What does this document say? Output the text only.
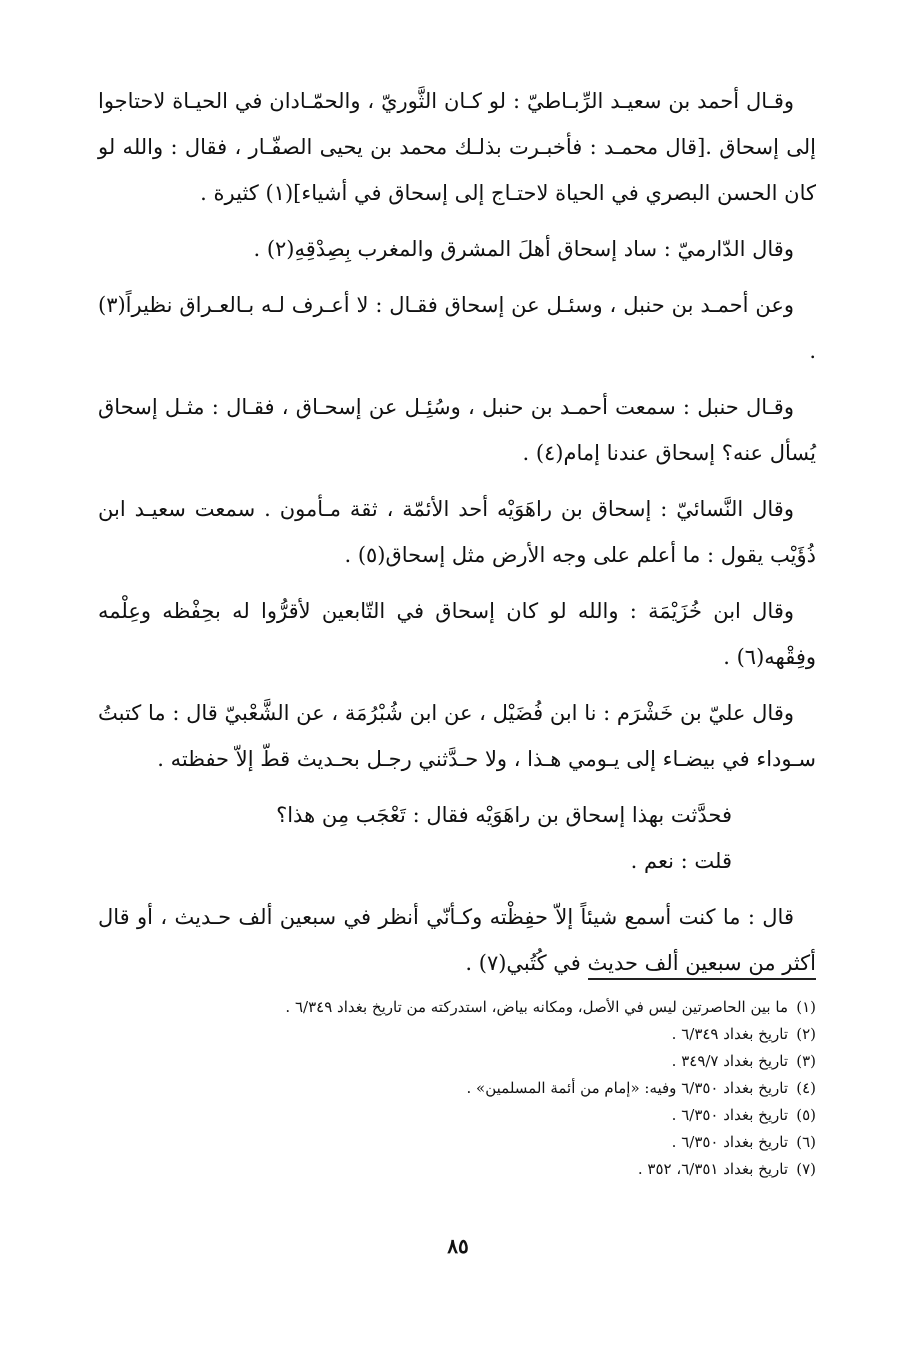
وقـال أحمد بن سعيـد الرِّبـاطيّ : لو كـان الثَّوريّ ، والحمّـادان في الحيـاة لاحتاجوا إلى إسحاق .[قال محمـد : فأخبـرت بذلـك محمد بن يحيى الصفّـار ، فقال : والله لو كان الحسن البصري في الحياة لاحتـاج إلى إسحاق في أشياء](١) كثيرة .

وقال الدّارميّ : ساد إسحاق أهلَ المشرق والمغرب بِصِدْقِهِ(٢) .

وعن أحمـد بن حنبل ، وسئـل عن إسحاق فقـال : لا أعـرف لـه بـالعـراق نظيراً(٣) .

وقـال حنبل : سمعت أحمـد بن حنبل ، وسُئِـل عن إسحـاق ، فقـال : مثـل إسحاق يُسأل عنه؟ إسحاق عندنا إمام(٤) .

وقال النَّسائيّ : إسحاق بن راهَوَيْه أحد الأئمّة ، ثقة مـأمون . سمعت سعيـد ابن ذُؤَيْب يقول : ما أعلم على وجه الأرض مثل إسحاق(٥) .

وقال ابن خُزَيْمَة : والله لو كان إسحاق في التّابعين لأقرُّوا له بحِفْظه وعِلْمه وفِقْهه(٦) .

وقال عليّ بن خَشْرَم : نا ابن فُضَيْل ، عن ابن شُبْرُمَة ، عن الشَّعْبيّ قال : ما كتبتُ سـوداء في بيضـاء إلى يـومي هـذا ، ولا حـدَّثني رجـل بحـديث قطّ إلاّ حفظته .

فحدَّثت بهذا إسحاق بن راهَوَيْه فقال : تَعْجَب مِن هذا؟

قلت : نعم .

قال : ما كنت أسمع شيئاً إلاّ حفِظْته وكـأنّي أنظر في سبعين ألف حـديث ، أو قال أكثر من سبعين ألف حديث في كُتُبي(٧) .

(١)ما بين الحاصرتين ليس في الأصل، ومكانه بياض، استدركته من تاريخ بغداد ٦/٣٤٩ .
(٢)تاريخ بغداد ٦/٣٤٩ .
(٣)تاريخ بغداد ٣٤٩/٧ .
(٤)تاريخ بغداد ٦/٣٥٠ وفيه: «إمام من أئمة المسلمين» .
(٥)تاريخ بغداد ٦/٣٥٠ .
(٦)تاريخ بغداد ٦/٣٥٠ .
(٧)تاريخ بغداد ٦/٣٥١، ٣٥٢ .
٨٥
